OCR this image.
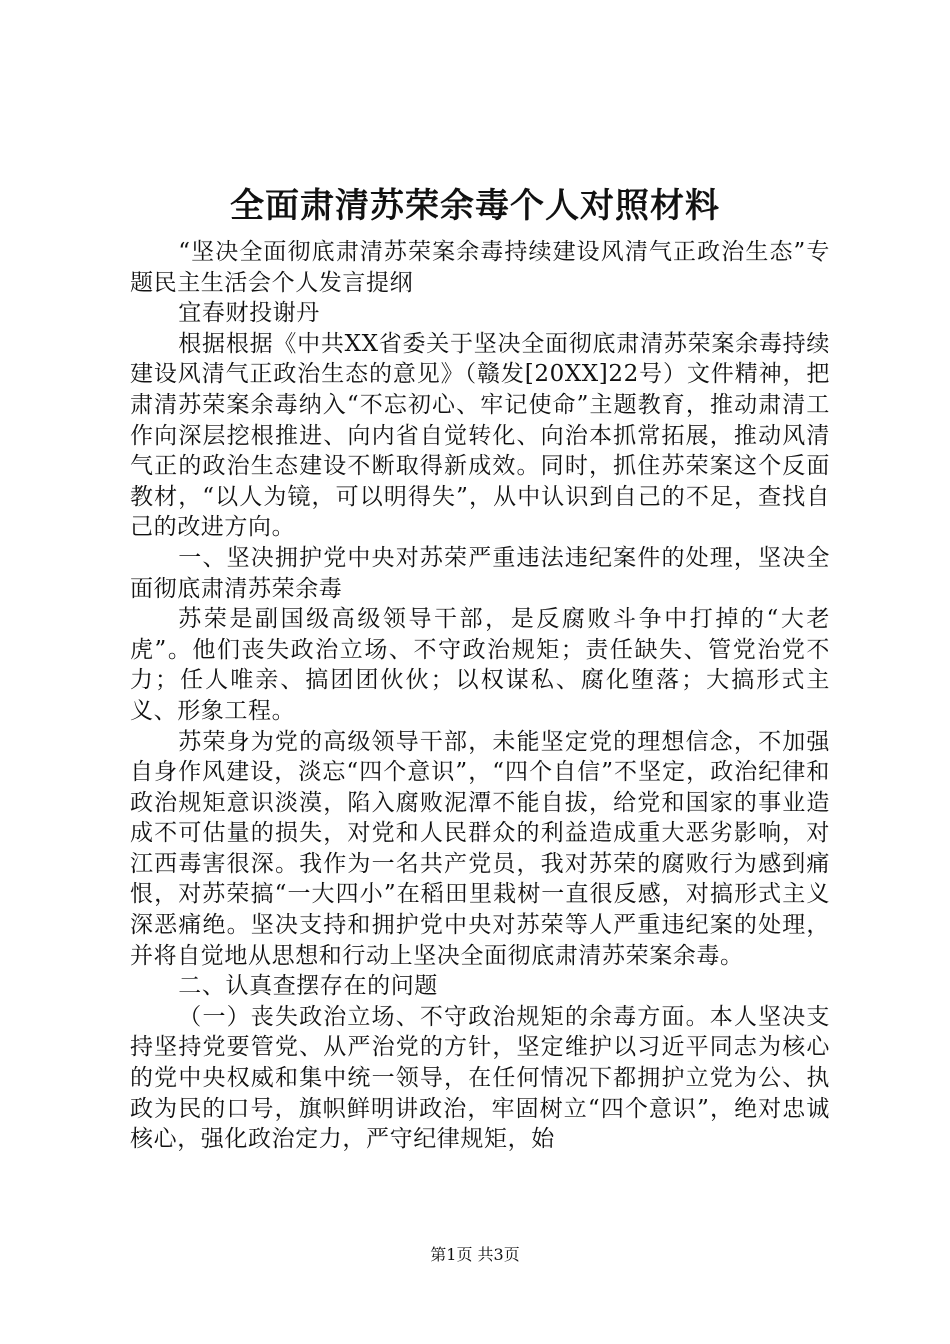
全面肃清苏荣余毒个人对照材料

“坚决全面彻底肃清苏荣案余毒持续建设风清气正政治生态”专题民主生活会个人发言提纲

宜春财投谢丹

根据根据《中共XX省委关于坚决全面彻底肃清苏荣案余毒持续建设风清气正政治生态的意见》（赣发[20XX]22号）文件精神，把肃清苏荣案余毒纳入“不忘初心、牢记使命”主题教育，推动肃清工作向深层挖根推进、向内省自觉转化、向治本抓常拓展，推动风清气正的政治生态建设不断取得新成效。同时，抓住苏荣案这个反面教材，“以人为镜，可以明得失”，从中认识到自己的不足，查找自己的改进方向。

一、坚决拥护党中央对苏荣严重违法违纪案件的处理，坚决全面彻底肃清苏荣余毒

苏荣是副国级高级领导干部，是反腐败斗争中打掉的“大老虎”。他们丧失政治立场、不守政治规矩；责任缺失、管党治党不力；任人唯亲、搞团团伙伙；以权谋私、腐化堕落；大搞形式主义、形象工程。

苏荣身为党的高级领导干部，未能坚定党的理想信念，不加强自身作风建设，淡忘“四个意识”，“四个自信”不坚定，政治纪律和政治规矩意识淡漠，陷入腐败泥潭不能自拔，给党和国家的事业造成不可估量的损失，对党和人民群众的利益造成重大恶劣影响，对江西毒害很深。我作为一名共产党员，我对苏荣的腐败行为感到痛恨，对苏荣搞“一大四小”在稻田里栽树一直很反感，对搞形式主义深恶痛绝。坚决支持和拥护党中央对苏荣等人严重违纪案的处理，并将自觉地从思想和行动上坚决全面彻底肃清苏荣案余毒。

二、认真查摆存在的问题

（一）丧失政治立场、不守政治规矩的余毒方面。本人坚决支持坚持党要管党、从严治党的方针，坚定维护以习近平同志为核心的党中央权威和集中统一领导，在任何情况下都拥护立党为公、执政为民的口号，旗帜鲜明讲政治，牢固树立“四个意识”，绝对忠诚核心，强化政治定力，严守纪律规矩，始

第1页 共3页
